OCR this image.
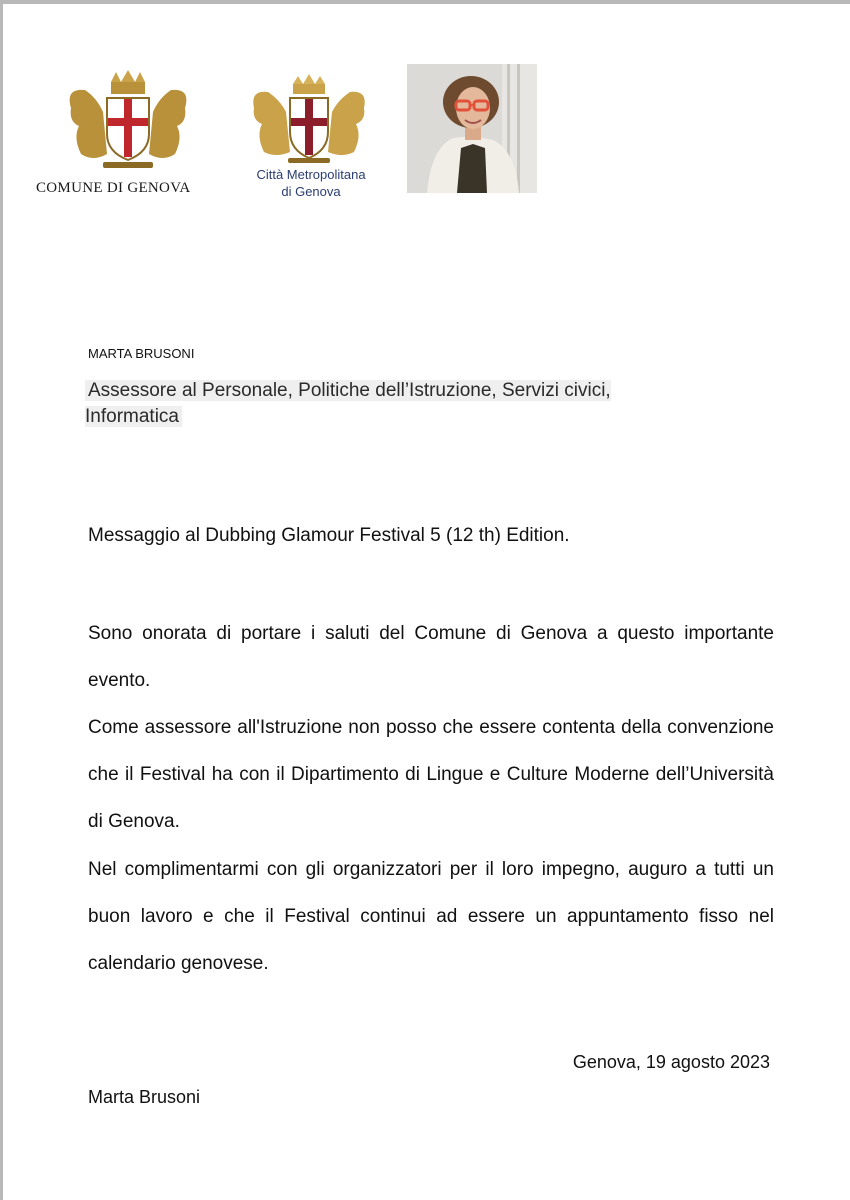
COMUNE DI GENOVA
Città Metropolitana
di Genova
MARTA BRUSONI
Assessore al Personale, Politiche dell’Istruzione, Servizi civici, Informatica
Messaggio al Dubbing Glamour Festival 5 (12 th) Edition.
Sono onorata di portare i saluti del Comune di Genova a questo importante evento.
Come assessore all'Istruzione non posso che essere contenta della convenzione che il Festival ha con il Dipartimento di Lingue e Culture Moderne dell’Università di Genova.
Nel complimentarmi con gli organizzatori per il loro impegno, auguro a tutti un buon lavoro e che il Festival continui ad essere un appuntamento fisso nel calendario genovese.
Genova, 19 agosto 2023
Marta Brusoni
